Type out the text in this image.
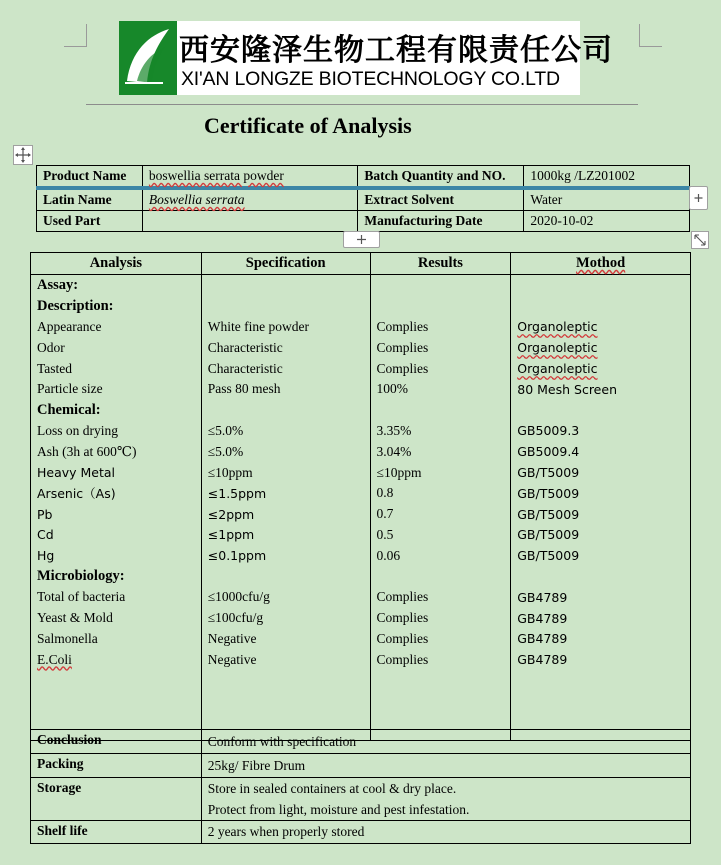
西安隆泽生物工程有限责任公司
XI'AN LONGZE BIOTECHNOLOGY CO.LTD
Certificate of Analysis
Product Name	boswellia serrata powder	Batch Quantity and NO.	1000kg /LZ201002
Latin Name	Boswellia serrata	Extract Solvent	Water
Used Part		Manufacturing Date	2020-10-02
Analysis	Specification	Results	Mothod
Assay:			
Description:			
Appearance	White fine powder	Complies	Organoleptic
Odor	Characteristic	Complies	Organoleptic
Tasted	Characteristic	Complies	Organoleptic
Particle size	Pass 80 mesh	100%	80 Mesh Screen
Chemical:			
Loss on drying	≤5.0%	3.35%	GB5009.3
Ash (3h at 600℃)	≤5.0%	3.04%	GB5009.4
Heavy Metal	≤10ppm	≤10ppm	GB/T5009
Arsenic（As)	≤1.5ppm	0.8	GB/T5009
Pb	≤2ppm	0.7	GB/T5009
Cd	≤1ppm	0.5	GB/T5009
Hg	≤0.1ppm	0.06	GB/T5009
Microbiology:			
Total of bacteria	≤1000cfu/g	Complies	GB4789
Yeast & Mold	≤100cfu/g	Complies	GB4789
Salmonella	Negative	Complies	GB4789
E.Coli	Negative	Complies	GB4789

Conclusion	Conform with specification
Packing	25kg/ Fibre Drum
Storage	Store in sealed containers at cool & dry place.
Protect from light, moisture and pest infestation.

Shelf life	2 years when properly stored
